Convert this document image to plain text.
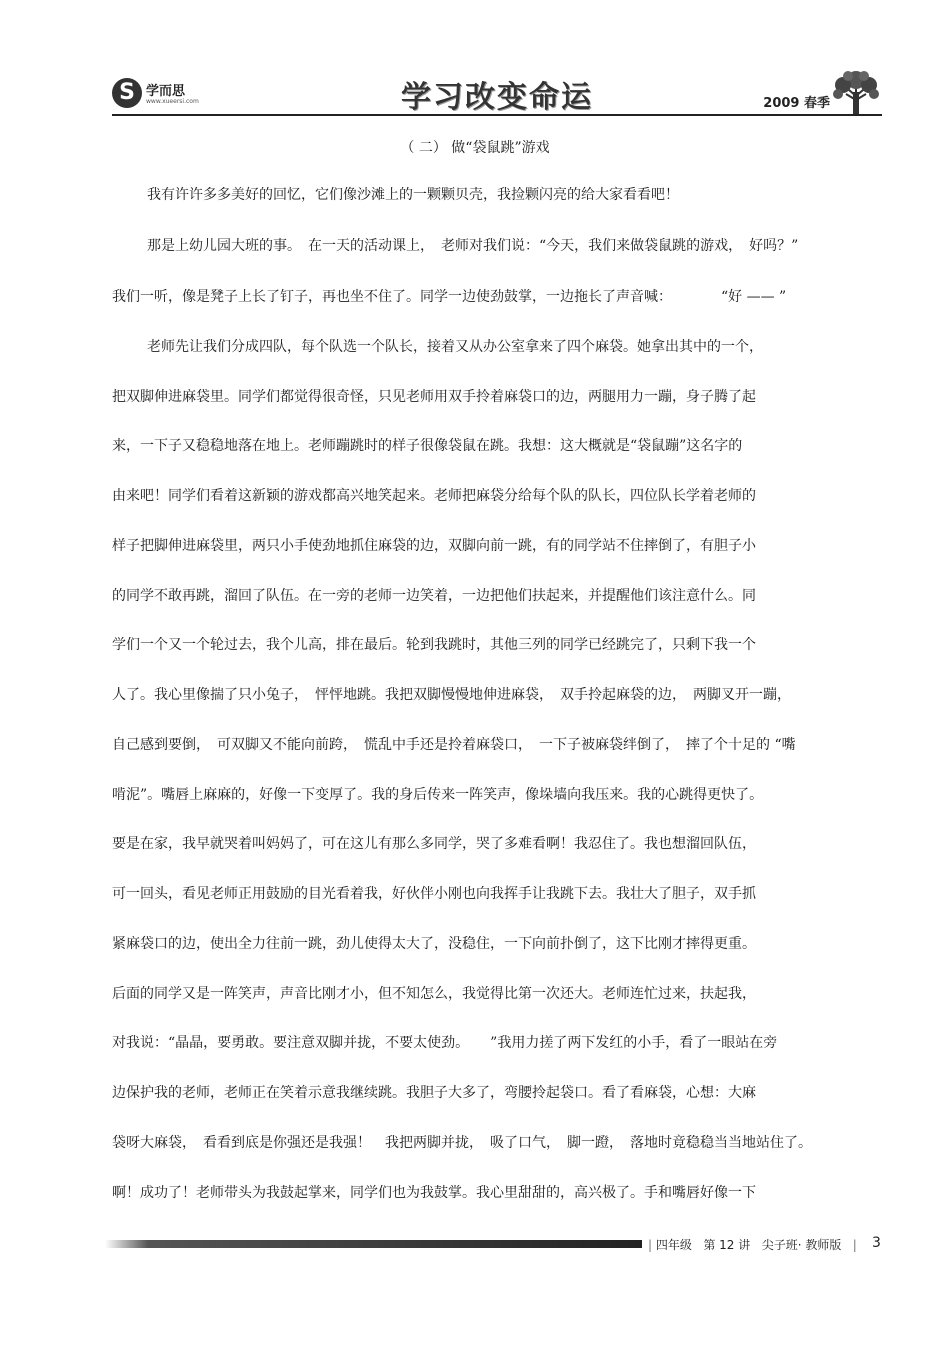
S 学而思
www.xueersi.com	学习改变命运	2009 春季
（ 二） 做“袋鼠跳”游戏
我有许许多多美好的回忆，它们像沙滩上的一颗颗贝壳，我捡颗闪亮的给大家看看吧！
那是上幼儿园大班的事。　在一天的活动课上，　老师对我们说：“今天，我们来做袋鼠跳的游戏，　好吗？”
我们一听，像是凳子上长了钉子，再也坐不住了。同学一边使劲鼓掌，一边拖长了声音喊：　　　　“好 —— ”
老师先让我们分成四队，每个队选一个队长，接着又从办公室拿来了四个麻袋。她拿出其中的一个，
把双脚伸进麻袋里。同学们都觉得很奇怪，只见老师用双手拎着麻袋口的边，两腿用力一蹦，身子腾了起
来，一下子又稳稳地落在地上。老师蹦跳时的样子很像袋鼠在跳。我想：这大概就是“袋鼠蹦”这名字的
由来吧！同学们看着这新颖的游戏都高兴地笑起来。老师把麻袋分给每个队的队长，四位队长学着老师的
样子把脚伸进麻袋里，两只小手使劲地抓住麻袋的边，双脚向前一跳，有的同学站不住摔倒了，有胆子小
的同学不敢再跳，溜回了队伍。在一旁的老师一边笑着，一边把他们扶起来，并提醒他们该注意什么。同
学们一个又一个轮过去，我个儿高，排在最后。轮到我跳时，其他三列的同学已经跳完了，只剩下我一个
人了。我心里像揣了只小兔子，　怦怦地跳。我把双脚慢慢地伸进麻袋，　双手拎起麻袋的边，　两脚叉开一蹦，
自己感到要倒，　可双脚又不能向前跨，　慌乱中手还是拎着麻袋口，　一下子被麻袋绊倒了，　摔了个十足的 “嘴
啃泥”。嘴唇上麻麻的，好像一下变厚了。我的身后传来一阵笑声，像垛墙向我压来。我的心跳得更快了。
要是在家，我早就哭着叫妈妈了，可在这儿有那么多同学，哭了多难看啊！我忍住了。我也想溜回队伍，
可一回头，看见老师正用鼓励的目光看着我，好伙伴小刚也向我挥手让我跳下去。我壮大了胆子，双手抓
紧麻袋口的边，使出全力往前一跳，劲儿使得太大了，没稳住，一下向前扑倒了，这下比刚才摔得更重。
后面的同学又是一阵笑声，声音比刚才小，但不知怎么，我觉得比第一次还大。老师连忙过来，扶起我，
对我说：“晶晶，要勇敢。要注意双脚并拢，不要太使劲。　　”我用力搓了两下发红的小手，看了一眼站在旁
边保护我的老师，老师正在笑着示意我继续跳。我胆子大多了，弯腰拎起袋口。看了看麻袋，心想：大麻
袋呀大麻袋，　看看到底是你强还是我强！　我把两脚并拢，　吸了口气，　脚一蹬，　落地时竟稳稳当当地站住了。
啊！成功了！老师带头为我鼓起掌来，同学们也为我鼓掌。我心里甜甜的，高兴极了。手和嘴唇好像一下
| 四年级 第 12 讲 尖子班· 教师版 | 3
